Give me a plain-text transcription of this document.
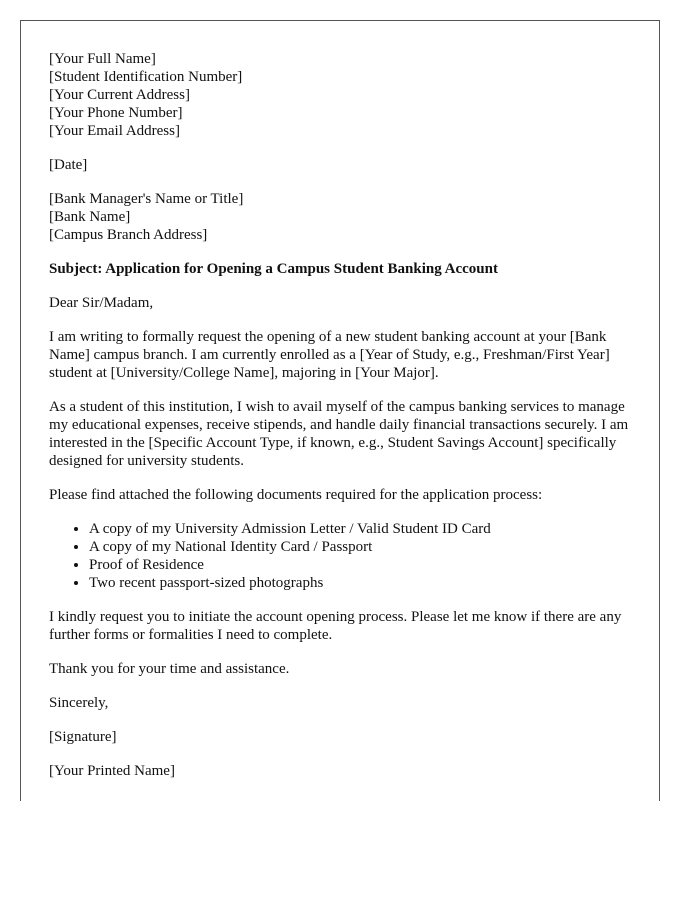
[Your Full Name]
[Student Identification Number]
[Your Current Address]
[Your Phone Number]
[Your Email Address]

[Date]

[Bank Manager's Name or Title]
[Bank Name]
[Campus Branch Address]

Subject: Application for Opening a Campus Student Banking Account

Dear Sir/Madam,

I am writing to formally request the opening of a new student banking account at your [Bank Name] campus branch. I am currently enrolled as a [Year of Study, e.g., Freshman/First Year] student at [University/College Name], majoring in [Your Major].

As a student of this institution, I wish to avail myself of the campus banking services to manage my educational expenses, receive stipends, and handle daily financial transactions securely. I am interested in the [Specific Account Type, if known, e.g., Student Savings Account] specifically designed for university students.

Please find attached the following documents required for the application process:

• A copy of my University Admission Letter / Valid Student ID Card
• A copy of my National Identity Card / Passport
• Proof of Residence
• Two recent passport-sized photographs

I kindly request you to initiate the account opening process. Please let me know if there are any further forms or formalities I need to complete.

Thank you for your time and assistance.

Sincerely,

[Signature]

[Your Printed Name]
